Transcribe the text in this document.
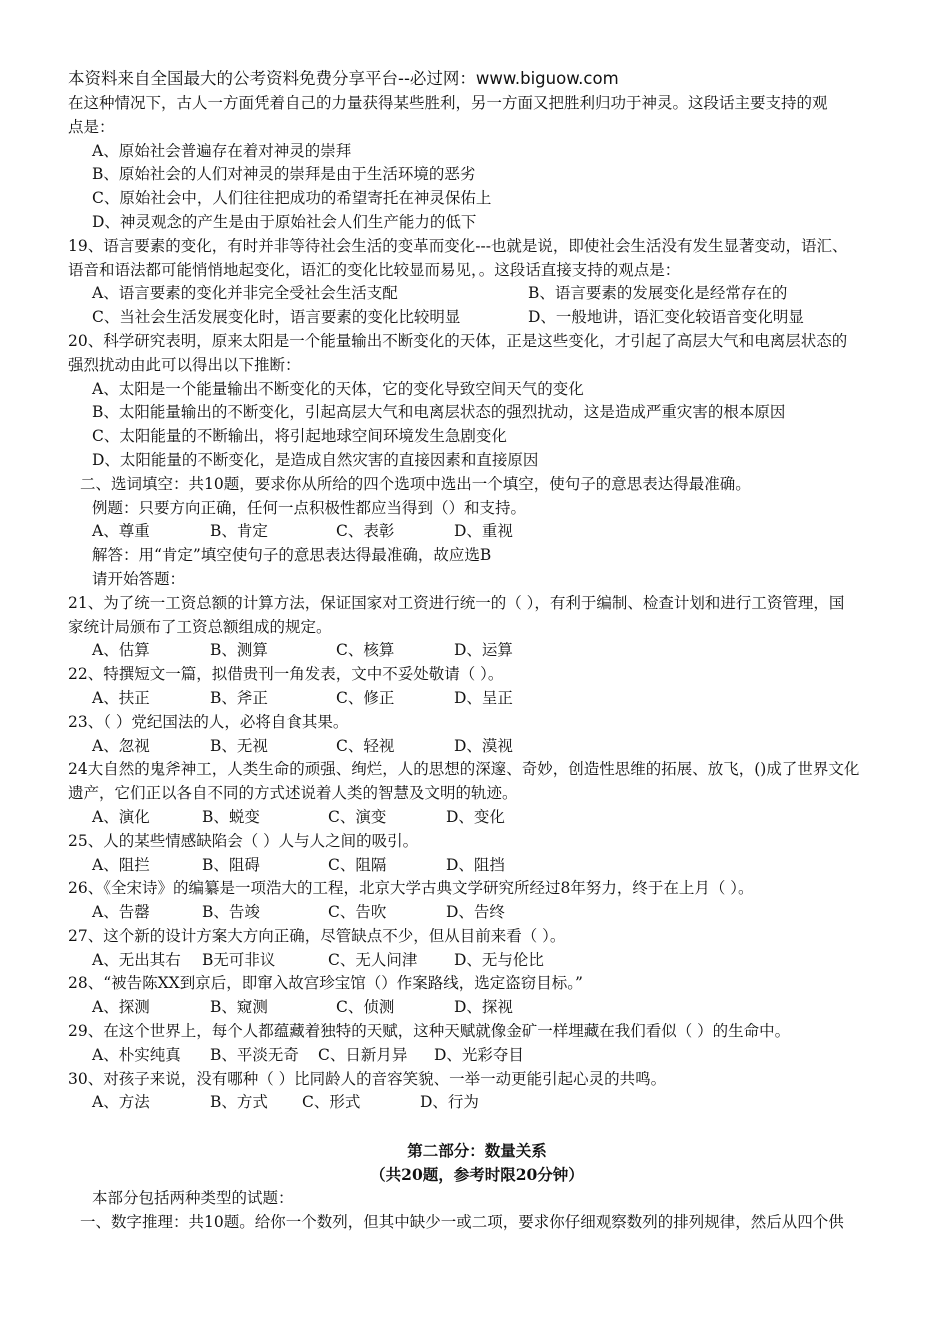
本资料来自全国最大的公考资料免费分享平台--必过网：www.biguow.com
在这种情况下，古人一方面凭着自己的力量获得某些胜利，另一方面又把胜利归功于神灵。这段话主要支持的观
点是：
A、原始社会普遍存在着对神灵的崇拜
B、原始社会的人们对神灵的崇拜是由于生活环境的恶劣
C、原始社会中，人们往往把成功的希望寄托在神灵保佑上
D、神灵观念的产生是由于原始社会人们生产能力的低下
19、语言要素的变化，有时并非等待社会生活的变革而变化---也就是说，即使社会生活没有发生显著变动，语汇、
语音和语法都可能悄悄地起变化，语汇的变化比较显而易见，。这段话直接支持的观点是：
A、语言要素的变化并非完全受社会生活支配	B、语言要素的发展变化是经常存在的
C、当社会生活发展变化时，语言要素的变化比较明显	D、一般地讲，语汇变化较语音变化明显
20、科学研究表明，原来太阳是一个能量输出不断变化的天体，正是这些变化，才引起了高层大气和电离层状态的
强烈扰动由此可以得出以下推断：
A、太阳是一个能量输出不断变化的天体，它的变化导致空间天气的变化
B、太阳能量输出的不断变化，引起高层大气和电离层状态的强烈扰动，这是造成严重灾害的根本原因
C、太阳能量的不断输出，将引起地球空间环境发生急剧变化
D、太阳能量的不断变化，是造成自然灾害的直接因素和直接原因
二、选词填空：共10题，要求你从所给的四个选项中选出一个填空，使句子的意思表达得最准确。
例题：只要方向正确，任何一点积极性都应当得到（）和支持。
A、尊重	B、肯定	C、表彰	D、重视
解答：用“肯定”填空使句子的意思表达得最准确，故应选B
请开始答题：
21、为了统一工资总额的计算方法，保证国家对工资进行统一的（ ），有利于编制、检查计划和进行工资管理，国
家统计局颁布了工资总额组成的规定。
A、估算	B、测算	C、核算	D、运算
22、特撰短文一篇，拟借贵刊一角发表，文中不妥处敬请（ ）。
A、扶正	B、斧正	C、修正	D、呈正
23、（ ）党纪国法的人，必将自食其果。
A、忽视	B、无视	C、轻视	D、漠视
24大自然的鬼斧神工，人类生命的顽强、绚烂，人的思想的深邃、奇妙，创造性思维的拓展、放飞，()成了世界文化
遗产，它们正以各自不同的方式述说着人类的智慧及文明的轨迹。
A、演化	B、蜕变	C、演变	D、变化
25、人的某些情感缺陷会（ ）人与人之间的吸引。
A、阻拦	B、阻碍	C、阻隔	D、阻挡
26、《全宋诗》的编纂是一项浩大的工程，北京大学古典文学研究所经过8年努力，终于在上月（ ）。
A、告罄	B、告竣	C、告吹	D、告终
27、这个新的设计方案大方向正确，尽管缺点不少，但从目前来看（ ）。
A、无出其右 B无可非议	C、无人问津 D、无与伦比
28、“被告陈XX到京后，即窜入故宫珍宝馆（）作案路线，选定盗窃目标。”
A、探测	B、窥测	C、侦测	D、探视
29、在这个世界上，每个人都蕴藏着独特的天赋，这种天赋就像金矿一样埋藏在我们看似（ ）的生命中。
A、朴实纯真 B、平淡无奇 C、日新月异 D、光彩夺目
30、对孩子来说，没有哪种（ ）比同龄人的音容笑貌、一举一动更能引起心灵的共鸣。
A、方法	B、方式 C、形式	D、行为
第二部分：数量关系
（共20题，参考时限20分钟）
本部分包括两种类型的试题：
一、数字推理：共10题。给你一个数列，但其中缺少一或二项，要求你仔细观察数列的排列规律，然后从四个供
